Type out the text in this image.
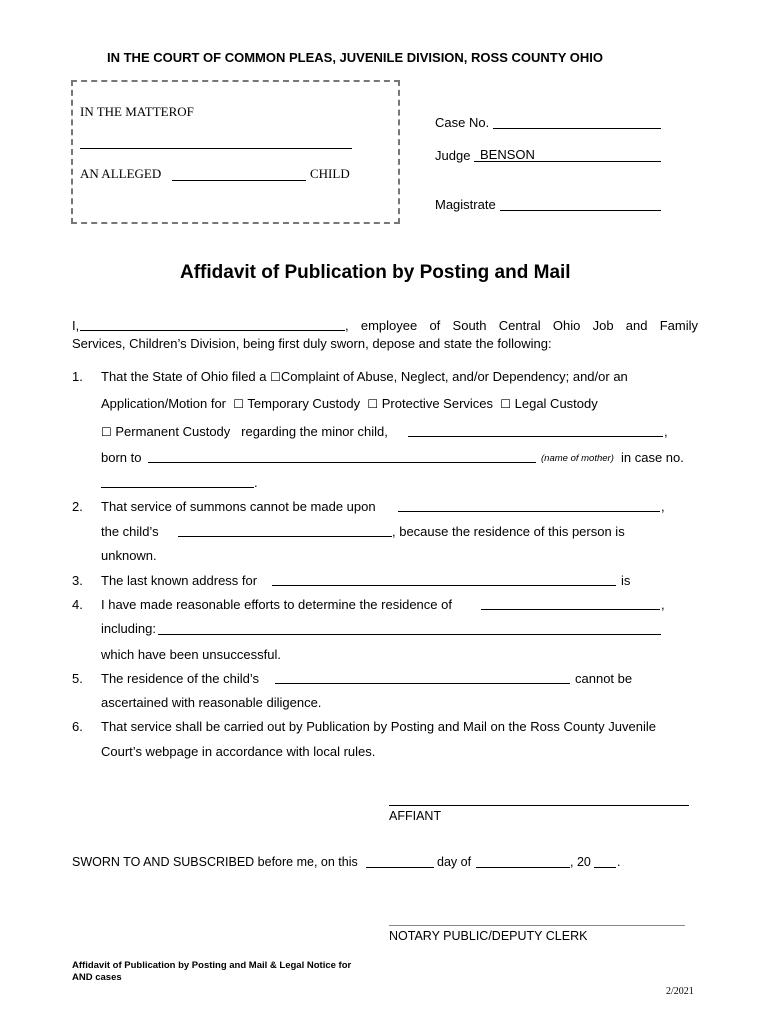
IN THE COURT OF COMMON PLEAS, JUVENILE DIVISION, ROSS COUNTY OHIO
IN THE MATTEROF
AN ALLEGED	CHILD
Case No.
Judge BENSON
Magistrate
Affidavit of Publication by Posting and Mail
I,	, employee of South Central Ohio Job and Family
Services, Children’s Division, being first duly sworn, depose and state the following:
1. That the State of Ohio filed a ☐Complaint of Abuse, Neglect, and/or Dependency; and/or an
Application/Motion for ☐ Temporary Custody ☐ Protective Services ☐ Legal Custody
☐ Permanent Custody regarding the minor child,	,
born to	(name of mother) in case no.
.
2. That service of summons cannot be made upon	,
the child’s	, because the residence of this person is
unknown.
3. The last known address for	is
4. I have made reasonable efforts to determine the residence of	,
including:
which have been unsuccessful.
5. The residence of the child’s	cannot be
ascertained with reasonable diligence.
6. That service shall be carried out by Publication by Posting and Mail on the Ross County Juvenile
Court’s webpage in accordance with local rules.
AFFIANT
SWORN TO AND SUBSCRIBED before me, on this	day of	, 20 .
NOTARY PUBLIC/DEPUTY CLERK
Affidavit of Publication by Posting and Mail & Legal Notice for
AND cases
2/2021
